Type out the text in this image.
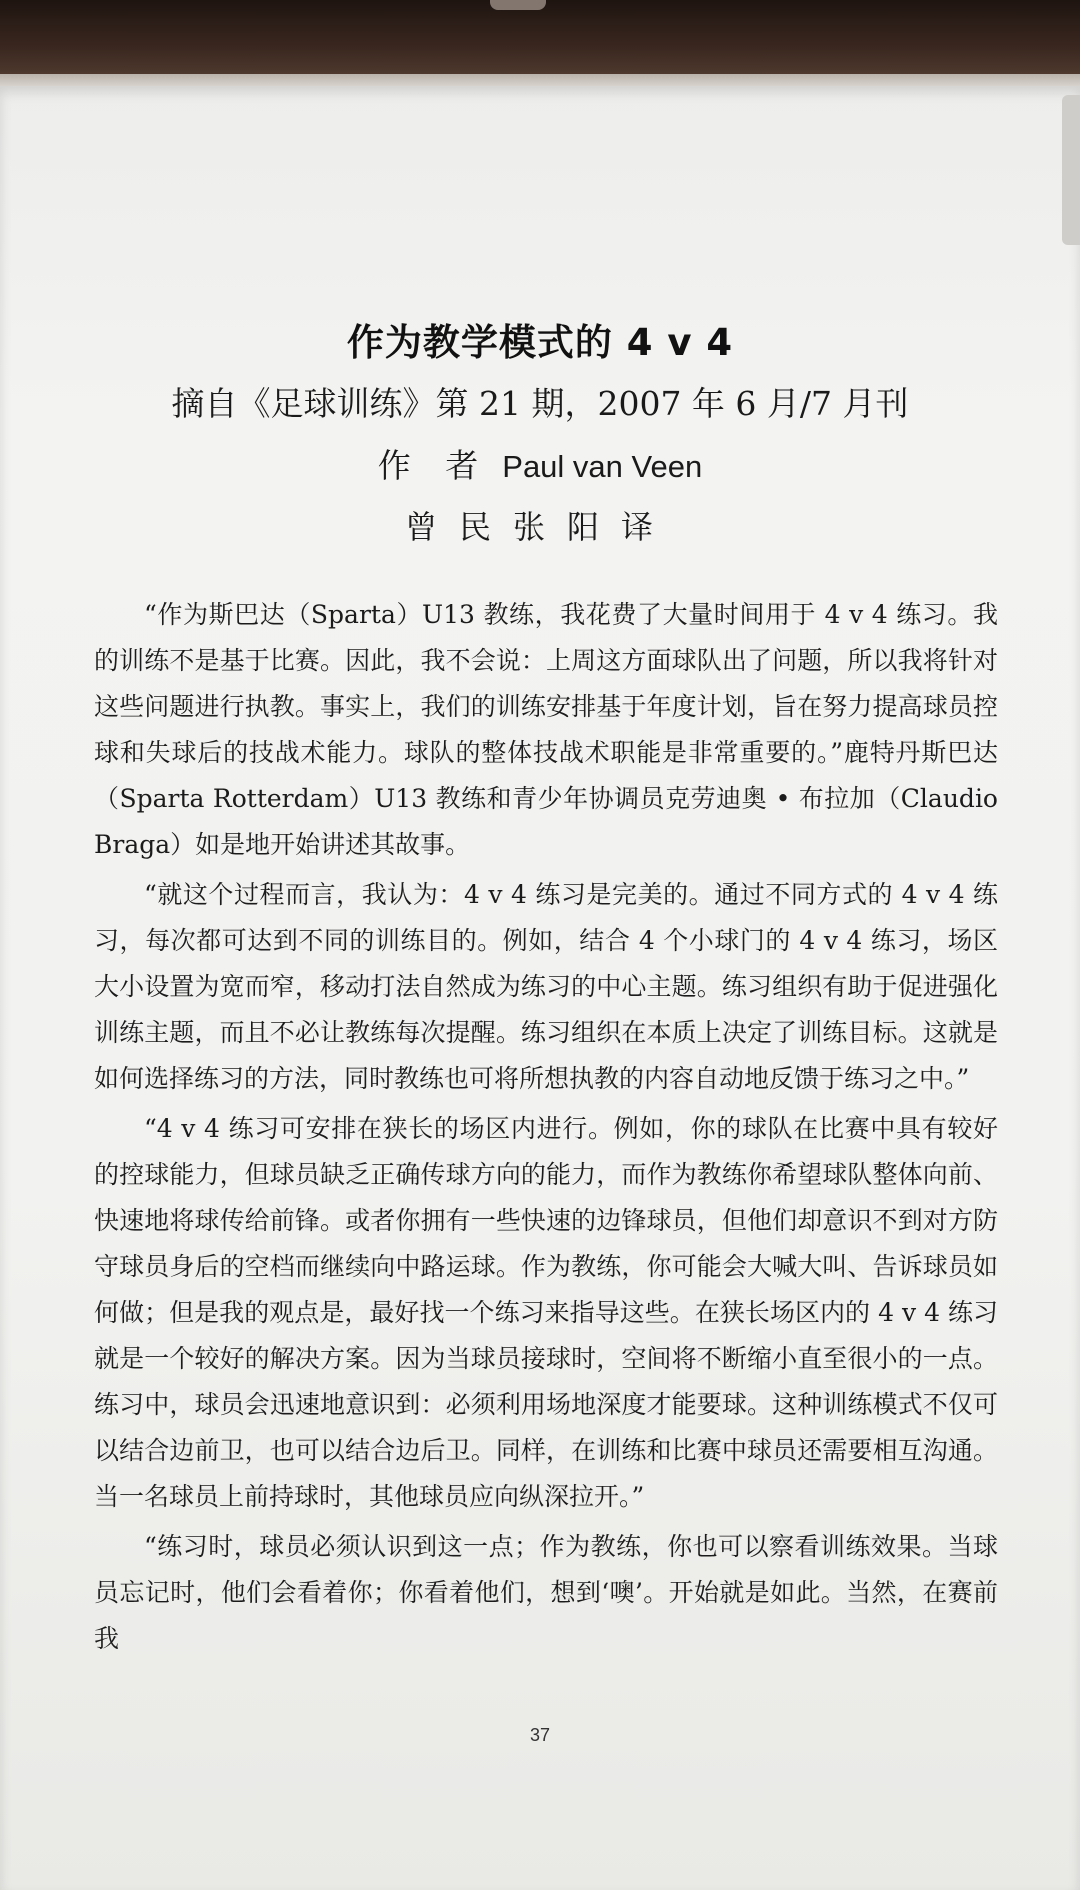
作为教学模式的 4 v 4
摘自《足球训练》第 21 期，2007 年 6 月/7 月刊
作 者 Paul van Veen
曾民张阳译

“作为斯巴达（Sparta）U13 教练，我花费了大量时间用于 4 v 4 练习。我的训练不是基于比赛。因此，我不会说：上周这方面球队出了问题，所以我将针对这些问题进行执教。事实上，我们的训练安排基于年度计划，旨在努力提高球员控球和失球后的技战术能力。球队的整体技战术职能是非常重要的。”鹿特丹斯巴达（Sparta Rotterdam）U13 教练和青少年协调员克劳迪奥 • 布拉加（Claudio Braga）如是地开始讲述其故事。

“就这个过程而言，我认为：4 v 4 练习是完美的。通过不同方式的 4 v 4 练习，每次都可达到不同的训练目的。例如，结合 4 个小球门的 4 v 4 练习，场区大小设置为宽而窄，移动打法自然成为练习的中心主题。练习组织有助于促进强化训练主题，而且不必让教练每次提醒。练习组织在本质上决定了训练目标。这就是如何选择练习的方法，同时教练也可将所想执教的内容自动地反馈于练习之中。”

“4 v 4 练习可安排在狭长的场区内进行。例如，你的球队在比赛中具有较好的控球能力，但球员缺乏正确传球方向的能力，而作为教练你希望球队整体向前、快速地将球传给前锋。或者你拥有一些快速的边锋球员，但他们却意识不到对方防守球员身后的空档而继续向中路运球。作为教练，你可能会大喊大叫、告诉球员如何做；但是我的观点是，最好找一个练习来指导这些。在狭长场区内的 4 v 4 练习就是一个较好的解决方案。因为当球员接球时，空间将不断缩小直至很小的一点。练习中，球员会迅速地意识到：必须利用场地深度才能要球。这种训练模式不仅可以结合边前卫，也可以结合边后卫。同样，在训练和比赛中球员还需要相互沟通。当一名球员上前持球时，其他球员应向纵深拉开。”

“练习时，球员必须认识到这一点；作为教练，你也可以察看训练效果。当球员忘记时，他们会看着你；你看着他们，想到‘噢’。开始就是如此。当然，在赛前我

37
